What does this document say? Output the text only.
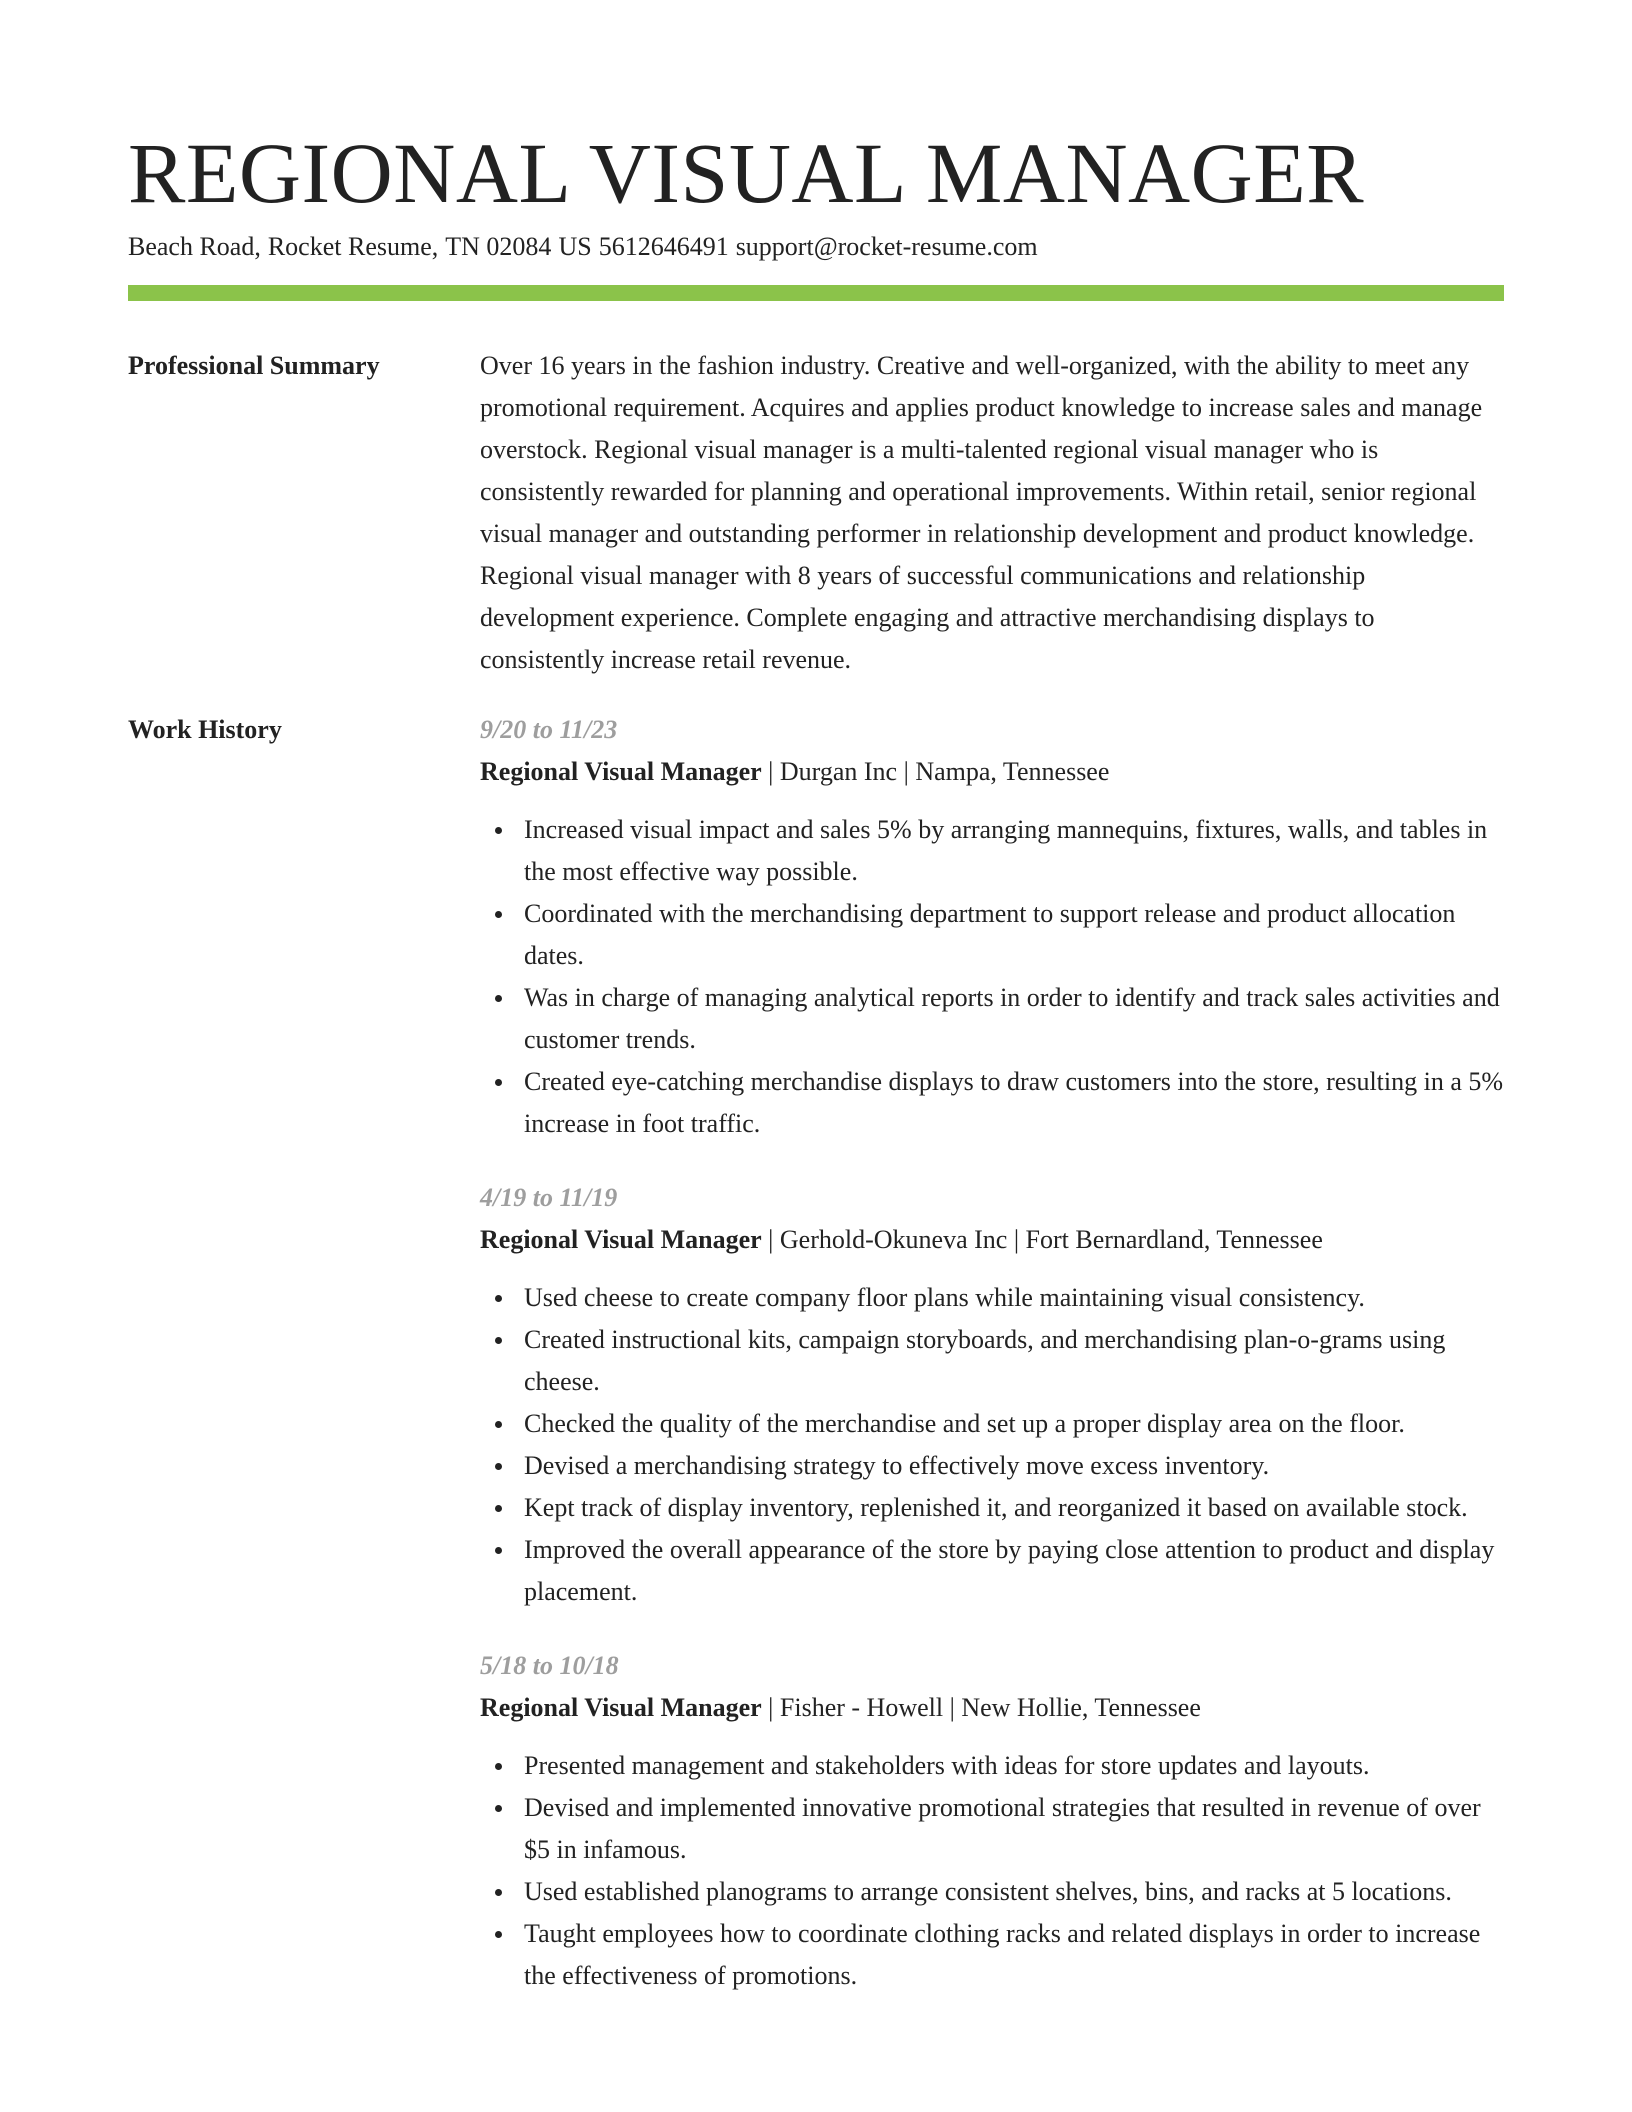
REGIONAL VISUAL MANAGER
Beach Road, Rocket Resume, TN 02084 US 5612646491 support@rocket-resume.com
Professional Summary	Over 16 years in the fashion industry. Creative and well-organized, with the ability to meet any promotional requirement. Acquires and applies product knowledge to increase sales and manage overstock. Regional visual manager is a multi-talented regional visual manager who is consistently rewarded for planning and operational improvements. Within retail, senior regional visual manager and outstanding performer in relationship development and product knowledge. Regional visual manager with 8 years of successful communications and relationship development experience. Complete engaging and attractive merchandising displays to consistently increase retail revenue.

Work History	9/20 to 11/23
Regional Visual Manager | Durgan Inc | Nampa, Tennessee
Increased visual impact and sales 5% by arranging mannequins, fixtures, walls, and tables in the most effective way possible.
Coordinated with the merchandising department to support release and product allocation dates.
Was in charge of managing analytical reports in order to identify and track sales activities and customer trends.
Created eye-catching merchandise displays to draw customers into the store, resulting in a 5% increase in foot traffic.
4/19 to 11/19
Regional Visual Manager | Gerhold-Okuneva Inc | Fort Bernardland, Tennessee
Used cheese to create company floor plans while maintaining visual consistency.
Created instructional kits, campaign storyboards, and merchandising plan-o-grams using cheese.
Checked the quality of the merchandise and set up a proper display area on the floor.
Devised a merchandising strategy to effectively move excess inventory.
Kept track of display inventory, replenished it, and reorganized it based on available stock.
Improved the overall appearance of the store by paying close attention to product and display placement.
5/18 to 10/18
Regional Visual Manager | Fisher - Howell | New Hollie, Tennessee
Presented management and stakeholders with ideas for store updates and layouts.
Devised and implemented innovative promotional strategies that resulted in revenue of over $5 in infamous.
Used established planograms to arrange consistent shelves, bins, and racks at 5 locations.
Taught employees how to coordinate clothing racks and related displays in order to increase the effectiveness of promotions.
